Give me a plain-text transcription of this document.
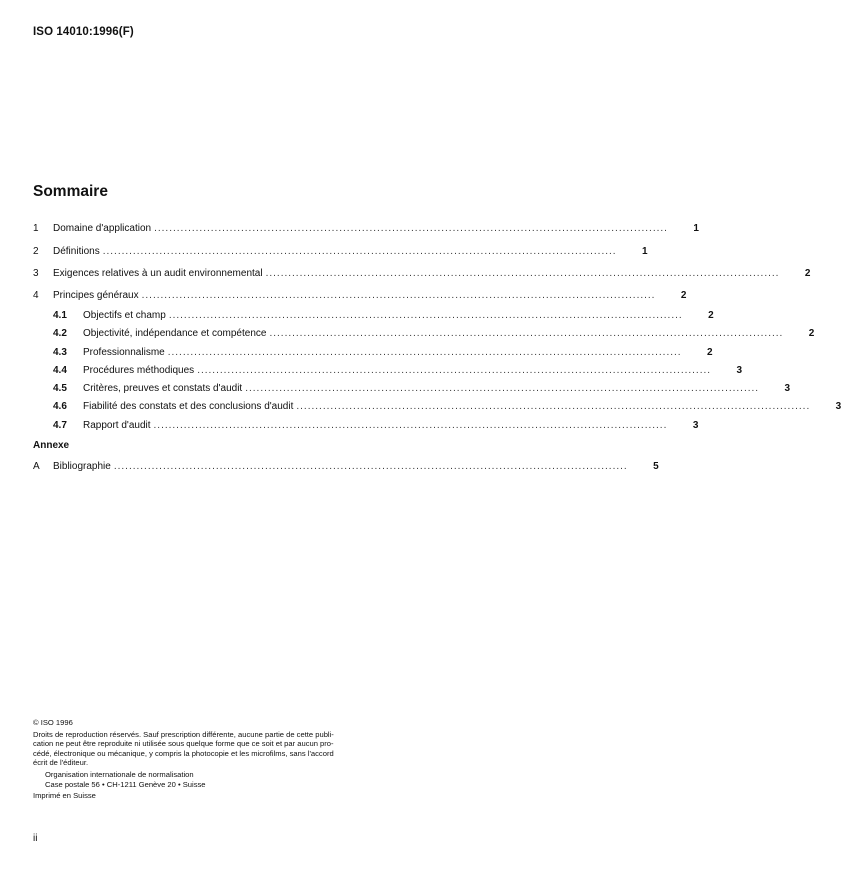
ISO 14010:1996(F)
Sommaire
1	Domaine d'application ........................................................................................................................................	1
2	Définitions ........................................................................................................................................	1
3	Exigences relatives à un audit environnemental ........................................................................................................................................	2
4	Principes généraux ........................................................................................................................................	2
4.1	Objectifs et champ ........................................................................................................................................	2
4.2	Objectivité, indépendance et compétence ........................................................................................................................................	2
4.3	Professionnalisme ........................................................................................................................................	2
4.4	Procédures méthodiques ........................................................................................................................................	3
4.5	Critères, preuves et constats d'audit ........................................................................................................................................	3
4.6	Fiabilité des constats et des conclusions d'audit ........................................................................................................................................	3
4.7	Rapport d'audit ........................................................................................................................................	3
A	Bibliographie ........................................................................................................................................	5
Annexe
© ISO 1996
Droits de reproduction réservés. Sauf prescription différente, aucune partie de cette publi-
cation ne peut être reproduite ni utilisée sous quelque forme que ce soit et par aucun pro-
cédé, électronique ou mécanique, y compris la photocopie et les microfilms, sans l'accord
écrit de l'éditeur.
Organisation internationale de normalisation
Case postale 56 • CH-1211 Genève 20 • Suisse
Imprimé en Suisse
ii
